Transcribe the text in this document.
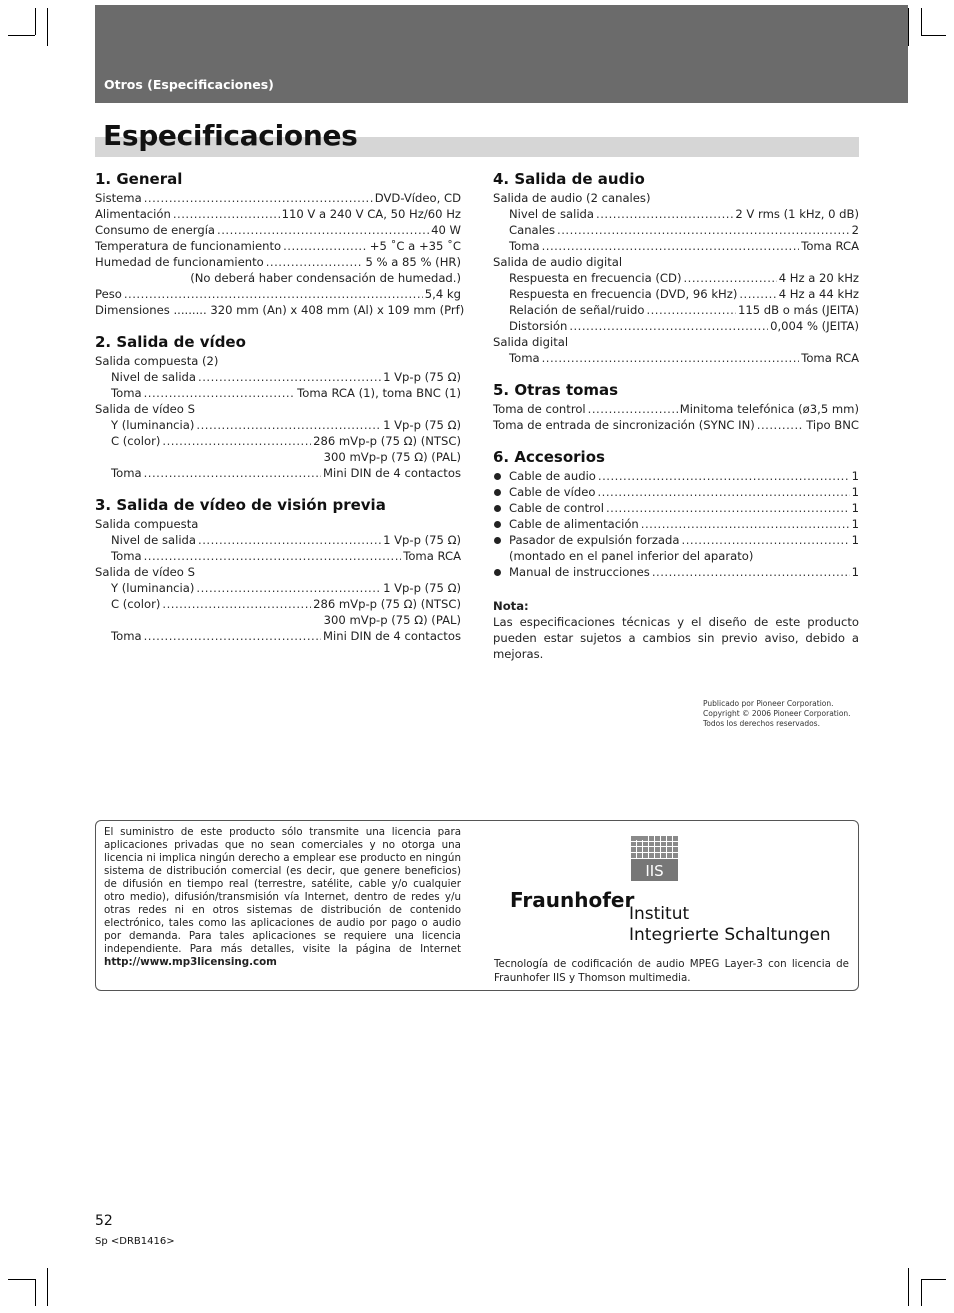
Otros (Especificaciones)
Especificaciones
1. General
Sistema .....	DVD-Vídeo, CD
Alimentación .....	110 V a 240 V CA, 50 Hz/60 Hz
Consumo de energía .....	40 W
Temperatura de funcionamiento .....	+5 ˚C a +35 ˚C
Humedad de funcionamiento .....	5 % a 85 % (HR)
(No deberá haber condensación de humedad.)
Peso .....	5,4 kg
Dimensiones ......... 320 mm (An) x 408 mm (Al) x 109 mm (Prf)
2. Salida de vídeo
Salida compuesta (2)
Nivel de salida .....	1 Vp-p (75 Ω)
Toma .....	Toma RCA (1), toma BNC (1)
Salida de vídeo S
Y (luminancia) .....	1 Vp-p (75 Ω)
C (color) .....	286 mVp-p (75 Ω) (NTSC)
300 mVp-p (75 Ω) (PAL)
Toma .....	Mini DIN de 4 contactos
3. Salida de vídeo de visión previa
Salida compuesta
Nivel de salida .....	1 Vp-p (75 Ω)
Toma .....	Toma RCA
Salida de vídeo S
Y (luminancia) .....	1 Vp-p (75 Ω)
C (color) .....	286 mVp-p (75 Ω) (NTSC)
300 mVp-p (75 Ω) (PAL)
Toma .....	Mini DIN de 4 contactos
4. Salida de audio
Salida de audio (2 canales)
Nivel de salida .....	2 V rms (1 kHz, 0 dB)
Canales .....	2
Toma .....	Toma RCA
Salida de audio digital
Respuesta en frecuencia (CD) .....	4 Hz a 20 kHz
Respuesta en frecuencia (DVD, 96 kHz) .....	4 Hz a 44 kHz
Relación de señal/ruido .....	115 dB o más (JEITA)
Distorsión .....	0,004 % (JEITA)
Salida digital
Toma .....	Toma RCA
5. Otras tomas
Toma de control .....	Minitoma telefónica (ø3,5 mm)
Toma de entrada de sincronización (SYNC IN) .....	Tipo BNC
6. Accesorios
Cable de audio .....	1
Cable de vídeo .....	1
Cable de control .....	1
Cable de alimentación .....	1
Pasador de expulsión forzada .....	1
(montado en el panel inferior del aparato)
Manual de instrucciones .....	1
Nota:
Las especificaciones técnicas y el diseño de este producto pueden estar sujetos a cambios sin previo aviso, debido a mejoras.
Publicado por Pioneer Corporation.
Copyright © 2006 Pioneer Corporation.
Todos los derechos reservados.
El suministro de este producto sólo transmite una licencia para aplicaciones privadas que no sean comerciales y no otorga una licencia ni implica ningún derecho a emplear ese producto en ningún sistema de distribución comercial (es decir, que genere beneficios) de difusión en tiempo real (terrestre, satélite, cable y/o cualquier otro medio), difusión/transmisión vía Internet, dentro de redes y/u otras redes ni en otros sistemas de distribución de contenido electrónico, tales como las aplicaciones de audio por pago o audio por demanda. Para tales aplicaciones se requiere una licencia independiente. Para más detalles, visite la página de Internet http://www.mp3licensing.com
IIS
Fraunhofer
Institut
Integrierte Schaltungen
Tecnología de codificación de audio MPEG Layer-3 con licencia de Fraunhofer IIS y Thomson multimedia.
52
Sp <DRB1416>
